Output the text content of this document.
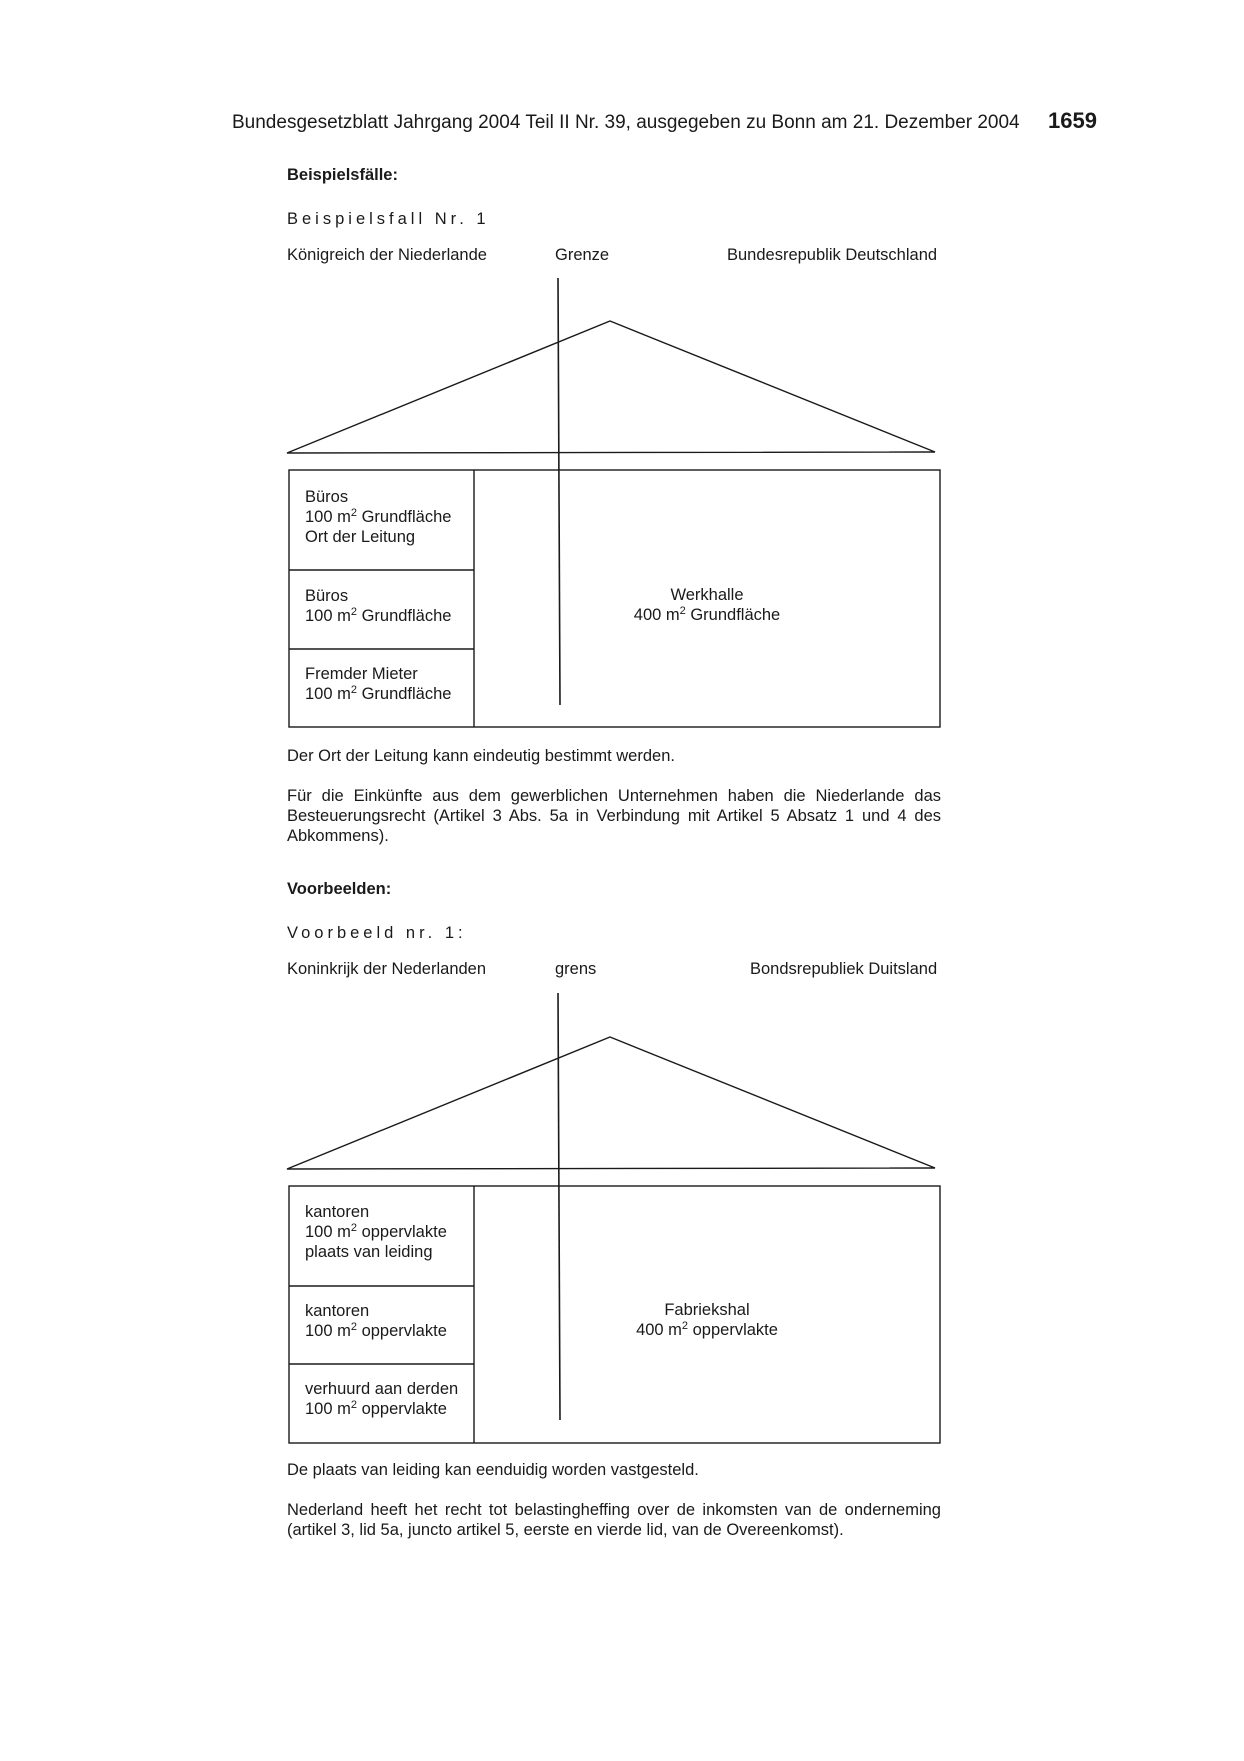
Bundesgesetzblatt Jahrgang 2004 Teil II Nr. 39, ausgegeben zu Bonn am 21. Dezember 2004 1659
Beispielsfälle:
Beispielsfall Nr. 1
Königreich der Niederlande	Grenze	Bundesrepublik Deutschland
Büros
100 $m^2$ Grundfläche
Ort der Leitung
Büros
100 $m^2$ Grundfläche
Fremder Mieter
100 $m^2$ Grundfläche
Werkhalle
400 $m^2$ Grundfläche
Der Ort der Leitung kann eindeutig bestimmt werden.
Für die Einkünfte aus dem gewerblichen Unternehmen haben die Niederlande das
Besteuerungsrecht (Artikel 3 Abs. 5a in Verbindung mit Artikel 5 Absatz 1 und 4 des
Abkommens).
Voorbeelden:
Voorbeeld nr. 1:
Koninkrijk der Nederlanden	grens	Bondsrepubliek Duitsland
kantoren
100 $m^2$ oppervlakte
plaats van leiding
kantoren
100 $m^2$ oppervlakte
verhuurd aan derden
100 $m^2$ oppervlakte
Fabriekshal
400 $m^2$ oppervlakte
De plaats van leiding kan eenduidig worden vastgesteld.
Nederland heeft het recht tot belastingheffing over de inkomsten van de onderneming
(artikel 3, lid 5a, juncto artikel 5, eerste en vierde lid, van de Overeenkomst).
